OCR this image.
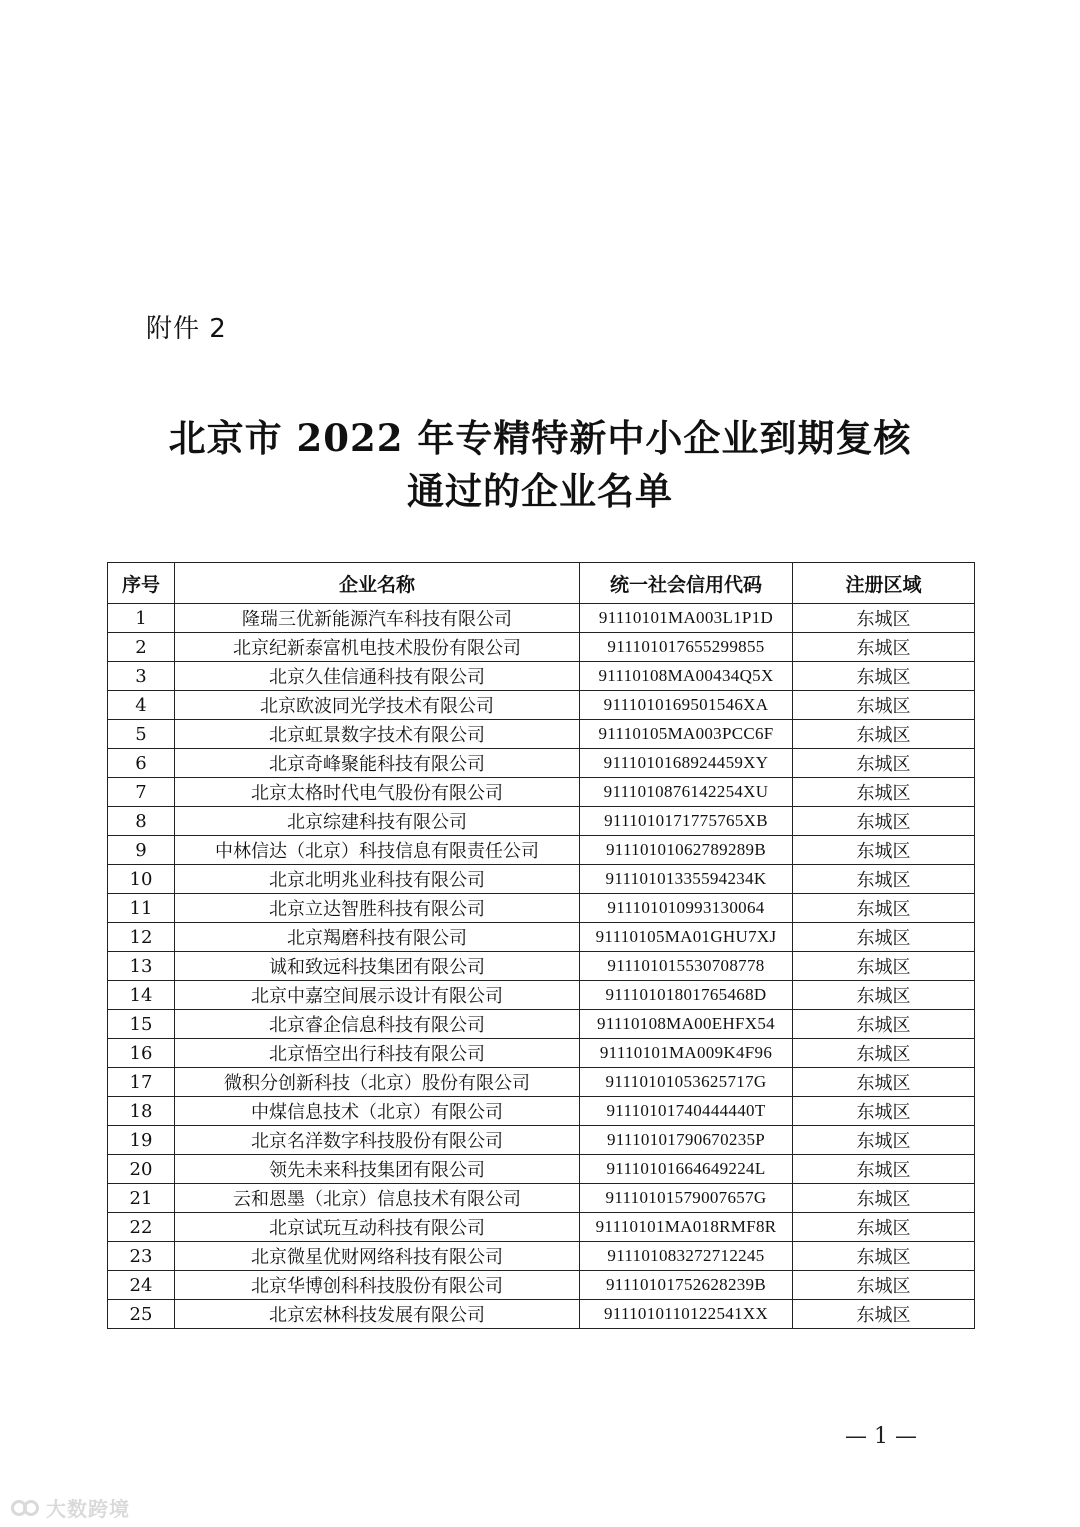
附件 2
北京市 2022 年专精特新中小企业到期复核
通过的企业名单
序号	企业名称	统一社会信用代码	注册区域
1	隆瑞三优新能源汽车科技有限公司	91110101MA003L1P1D	东城区
2	北京纪新泰富机电技术股份有限公司	911101017655299855	东城区
3	北京久佳信通科技有限公司	91110108MA00434Q5X	东城区
4	北京欧波同光学技术有限公司	9111010169501546XA	东城区
5	北京虹景数字技术有限公司	91110105MA003PCC6F	东城区
6	北京奇峰聚能科技有限公司	9111010168924459XY	东城区
7	北京太格时代电气股份有限公司	9111010876142254XU	东城区
8	北京综建科技有限公司	9111010171775765XB	东城区
9	中林信达（北京）科技信息有限责任公司	9111010106278​9289B	东城区
10	北京北明兆业科技有限公司	91110101335594234K	东城区
11	北京立达智胜科技有限公司	911101010993130064	东城区
12	北京羯磨科技有限公司	91110105MA01GHU7XJ	东城区
13	诚和致远科技集团有限公司	911101015530708778	东城区
14	北京中嘉空间展示设计有限公司	91110101801765468D	东城区
15	北京睿企信息科技有限公司	91110108MA00EHFX54	东城区
16	北京悟空出行科技有限公司	91110101MA009K4F96	东城区
17	微积分创新科技（北京）股份有限公司	91110101053625717G	东城区
18	中煤信息技术（北京）有限公司	91110101740444440T	东城区
19	北京名洋数字科技股份有限公司	91110101790670235P	东城区
20	领先未来科技集团有限公司	91110101664649224L	东城区
21	云和恩墨（北京）信息技术有限公司	91110101579007657G	东城区
22	北京试玩互动科技有限公司	91110101MA018RMF8R	东城区
23	北京微星优财网络科技有限公司	911101083272712245	东城区
24	北京华博创科科技股份有限公司	91110101752628239B	东城区
25	北京宏林科技发展有限公司	9111010110122541XX	东城区
— 1 —
大数跨境
